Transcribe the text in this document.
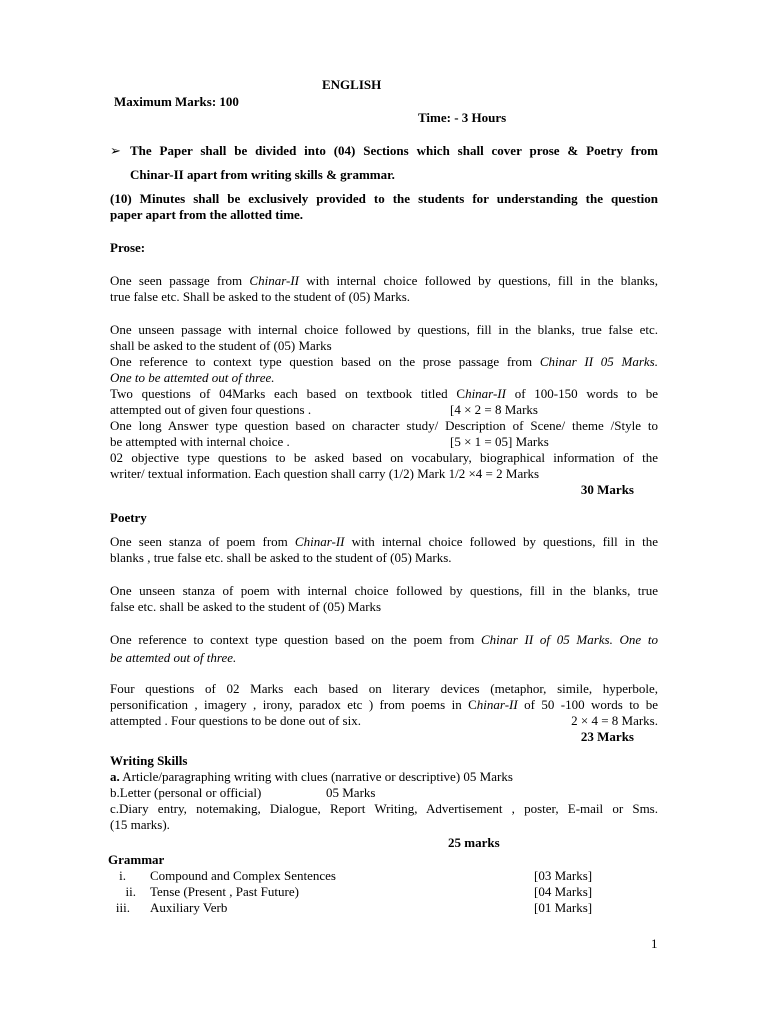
ENGLISH
Maximum Marks: 100
Time: - 3 Hours
➢ The Paper shall be divided into (04) Sections which shall cover prose & Poetry from
Chinar-II apart from writing skills & grammar.
(10) Minutes shall be exclusively provided to the students for understanding the question
paper apart from the allotted time.
Prose:
One seen passage from Chinar-II with internal choice followed by questions, fill in the blanks,
true false etc. Shall be asked to the student of (05) Marks.
One unseen passage with internal choice followed by questions, fill in the blanks, true false etc.
shall be asked to the student of (05) Marks
One reference to context type question based on the prose passage from Chinar II 05 Marks.
One to be attemted out of three.
Two questions of 04Marks each based on textbook titled Chinar-II of 100-150 words to be
attempted out of given four questions .	[4 × 2 = 8 Marks
One long Answer type question based on character study/ Description of Scene/ theme /Style to
be attempted with internal choice .	[5 × 1 = 05] Marks
02 objective type questions to be asked based on vocabulary, biographical information of the
writer/ textual information. Each question shall carry (1/2) Mark 1/2 ×4 = 2 Marks
30 Marks
Poetry
One seen stanza of poem from Chinar-II with internal choice followed by questions, fill in the
blanks , true false etc. shall be asked to the student of (05) Marks.
One unseen stanza of poem with internal choice followed by questions, fill in the blanks, true
false etc. shall be asked to the student of (05) Marks
One reference to context type question based on the poem from Chinar II of 05 Marks. One to
be attemted out of three.
Four questions of 02 Marks each based on literary devices (metaphor, simile, hyperbole,
personification , imagery , irony, paradox etc ) from poems in Chinar-II of 50 -100 words to be
attempted . Four questions to be done out of six.	2 × 4 = 8 Marks.
23 Marks
Writing Skills
a. Article/paragraphing writing with clues (narrative or descriptive) 05 Marks
b.Letter (personal or official)	05 Marks
c.Diary entry, notemaking, Dialogue, Report Writing, Advertisement , poster, E-mail or Sms.
(15 marks).
25 marks
Grammar
i. Compound and Complex Sentences	[03 Marks]
ii. Tense (Present , Past Future)	[04 Marks]
iii. Auxiliary Verb	[01 Marks]
1
